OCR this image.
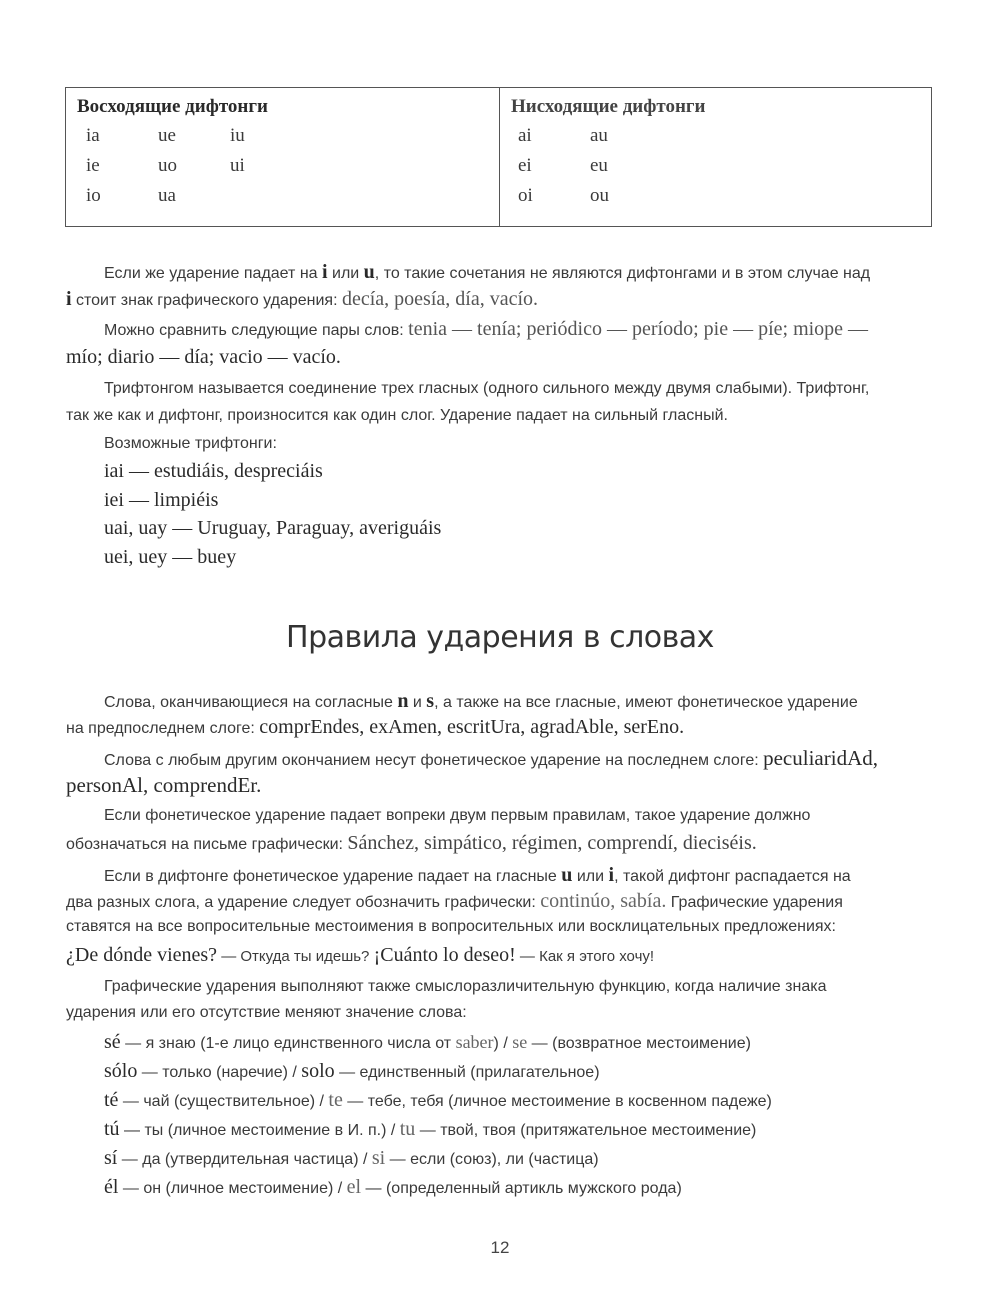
Восходящие дифтонги
ia	ue	iu
ie	uo	ui
io	ua
Нисходящие дифтонги
ai	au
ei	eu
oi	ou
Если же ударение падает на i или u, то такие сочетания не являются дифтонгами и в этом случае над
i стоит знак графического ударения: decía, poesía, día, vacío.
Можно сравнить следующие пары слов: tenia — tenía; periódico — período; pie — píe; miope —
mío; diario — día; vacio — vacío.
Трифтонгом называется соединение трех гласных (одного сильного между двумя слабыми). Трифтонг,
так же как и дифтонг, произносится как один слог. Ударение падает на сильный гласный.
Возможные трифтонги:
iai — estudiáis, despreciáis
iei — limpiéis
uai, uay — Uruguay, Paraguay, averiguáis
uei, uey — buey
Правила ударения в словах
Слова, оканчивающиеся на согласные n и s, а также на все гласные, имеют фонетическое ударение
на предпоследнем слоге: comprEndes, exAmen, escritUra, agradAble, serEno.
Слова с любым другим окончанием несут фонетическое ударение на последнем слоге: peculiaridAd,
personAl, comprendEr.
Если фонетическое ударение падает вопреки двум первым правилам, такое ударение должно
обозначаться на письме графически: Sánchez, simpático, régimen, comprendí, dieciséis.
Если в дифтонге фонетическое ударение падает на гласные u или i, такой дифтонг распадается на
два разных слога, а ударение следует обозначить графически: continúo, sabía. Графические ударения
ставятся на все вопросительные местоимения в вопросительных или восклицательных предложениях:
¿De dónde vienes? — Откуда ты идешь? ¡Cuánto lo deseo! — Как я этого хочу!
Графические ударения выполняют также смыслоразличительную функцию, когда наличие знака
ударения или его отсутствие меняют значение слова:
sé — я знаю (1-е лицо единственного числа от saber) / se — (возвратное местоимение)
sólo — только (наречие) / solo — единственный (прилагательное)
té — чай (существительное) / te — тебе, тебя (личное местоимение в косвенном падеже)
tú — ты (личное местоимение в И. п.) / tu — твой, твоя (притяжательное местоимение)
sí — да (утвердительная частица) / si — если (союз), ли (частица)
él — он (личное местоимение) / el — (определенный артикль мужского рода)
12
